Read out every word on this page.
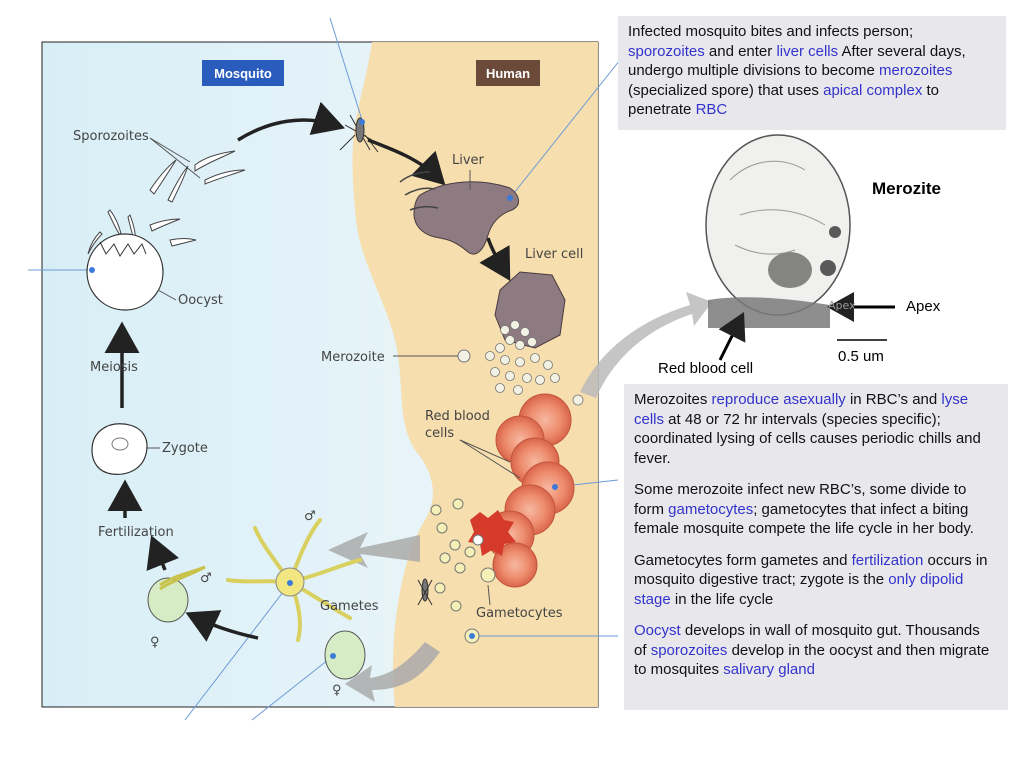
Mosquito	Human
Sporozoites
Oocyst
Meiosis
Zygote
Fertilization
♀
♂
♂
♀
Gametes
Liver
Liver cell
Merozoite
Red blood
cells
Gametocytes
Apex
Merozite
Apex
Red blood cell
0.5 um

Infected mosquito bites and infects person; sporozoites and enter liver cells After several days, undergo multiple divisions to become merozoites (specialized spore) that uses apical complex to penetrate RBC

Merozoites reproduce asexually in RBC’s and lyse cells at 48 or 72 hr intervals (species specific); coordinated lysing of cells causes periodic chills and fever.

Some merozoite infect new RBC’s, some divide to form gametocytes; gametocytes that infect a biting female mosquite compete the life cycle in her body.

Gametocytes form gametes and fertilization occurs in mosquito digestive tract; zygote is the only dipolid stage in the life cycle

Oocyst develops in wall of mosquito gut. Thousands of sporozoites develop in the oocyst and then migrate to mosquites salivary gland
